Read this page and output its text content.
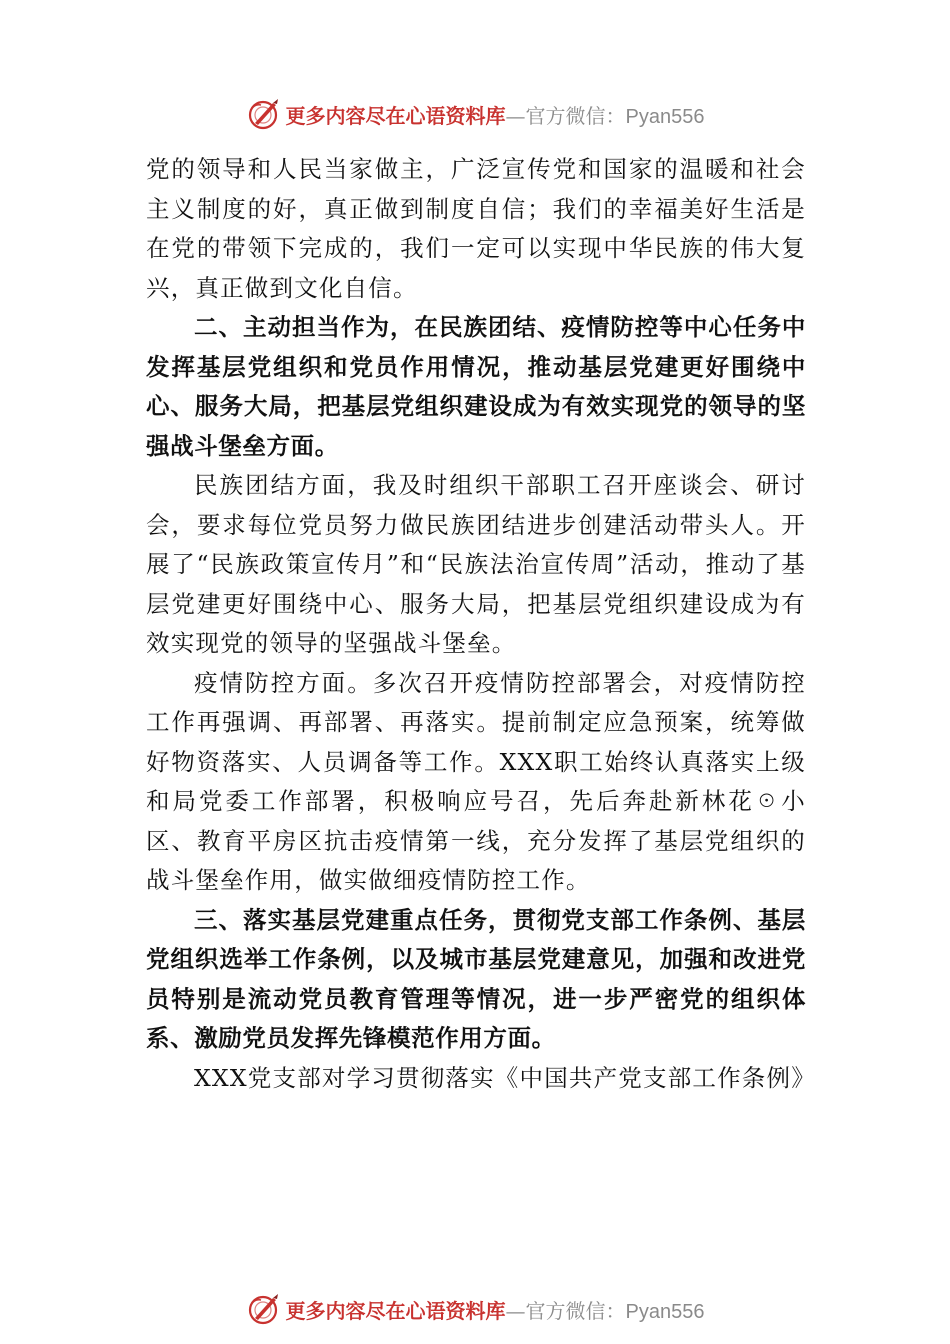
更多内容尽在心语资料库—官方微信：Pyan556

党的领导和人民当家做主，广泛宣传党和国家的温暖和社会主义制度的好，真正做到制度自信；我们的幸福美好生活是在党的带领下完成的，我们一定可以实现中华民族的伟大复兴，真正做到文化自信。

二、主动担当作为，在民族团结、疫情防控等中心任务中发挥基层党组织和党员作用情况，推动基层党建更好围绕中心、服务大局，把基层党组织建设成为有效实现党的领导的坚强战斗堡垒方面。

民族团结方面，我及时组织干部职工召开座谈会、研讨会，要求每位党员努力做民族团结进步创建活动带头人。开展了“民族政策宣传月”和“民族法治宣传周”活动，推动了基层党建更好围绕中心、服务大局，把基层党组织建设成为有效实现党的领导的坚强战斗堡垒。

疫情防控方面。多次召开疫情防控部署会，对疫情防控工作再强调、再部署、再落实。提前制定应急预案，统筹做好物资落实、人员调备等工作。XXX职工始终认真落实上级和局党委工作部署，积极响应号召，先后奔赴新林花☉小区、教育平房区抗击疫情第一线，充分发挥了基层党组织的战斗堡垒作用，做实做细疫情防控工作。

三、落实基层党建重点任务，贯彻党支部工作条例、基层党组织选举工作条例，以及城市基层党建意见，加强和改进党员特别是流动党员教育管理等情况，进一步严密党的组织体系、激励党员发挥先锋模范作用方面。

XXX党支部对学习贯彻落实《中国共产党支部工作条例》

更多内容尽在心语资料库—官方微信：Pyan556
